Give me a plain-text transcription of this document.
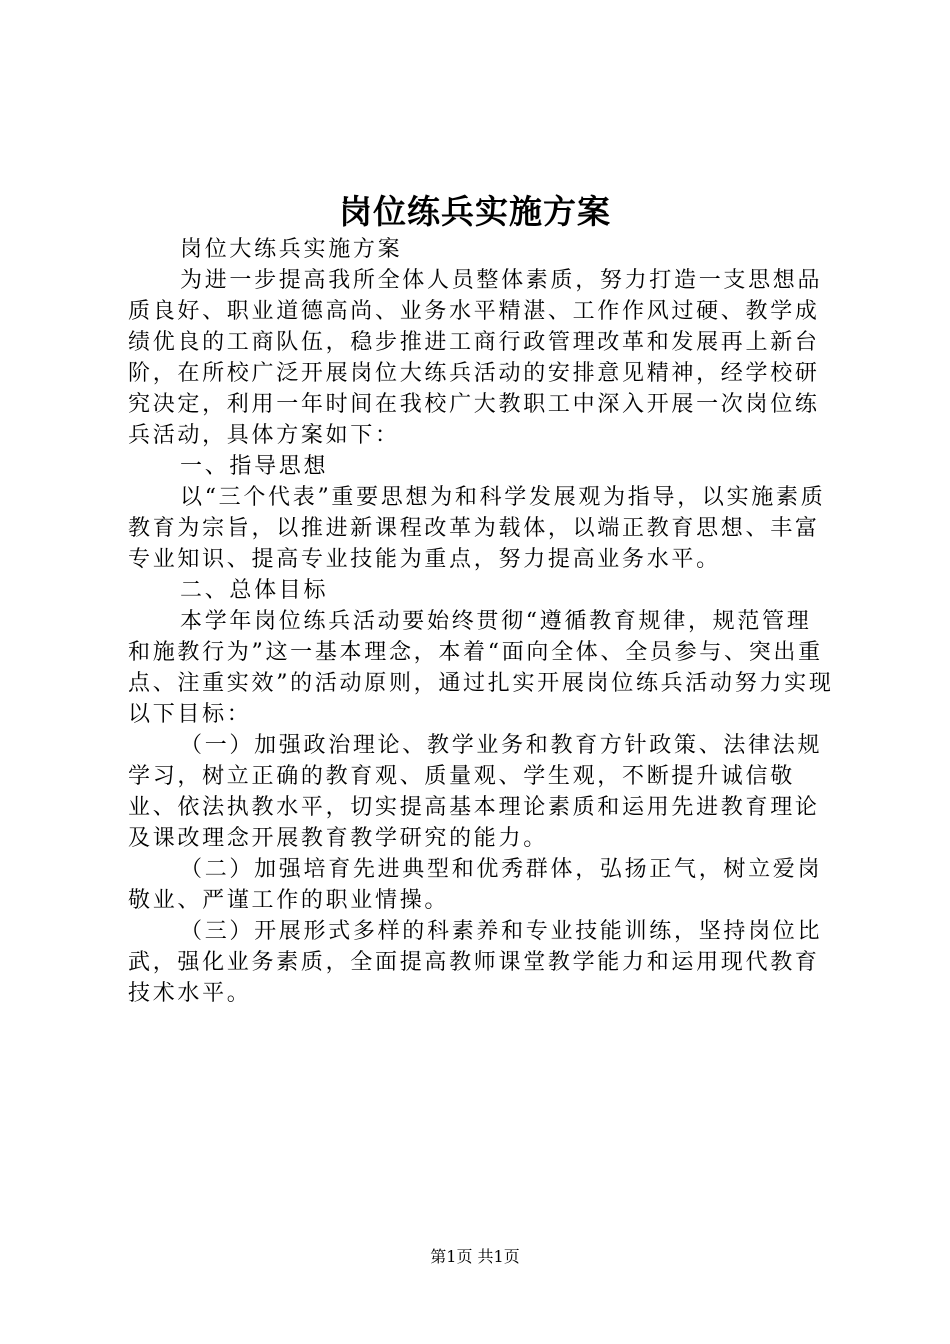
岗位练兵实施方案

岗位大练兵实施方案

为进一步提高我所全体人员整体素质，努力打造一支思想品质良好、职业道德高尚、业务水平精湛、工作作风过硬、教学成绩优良的工商队伍，稳步推进工商行政管理改革和发展再上新台阶，在所校广泛开展岗位大练兵活动的安排意见精神，经学校研究决定，利用一年时间在我校广大教职工中深入开展一次岗位练兵活动，具体方案如下：

一、指导思想

以“三个代表”重要思想为和科学发展观为指导，以实施素质教育为宗旨，以推进新课程改革为载体，以端正教育思想、丰富专业知识、提高专业技能为重点，努力提高业务水平。

二、总体目标

本学年岗位练兵活动要始终贯彻“遵循教育规律，规范管理和施教行为”这一基本理念，本着“面向全体、全员参与、突出重点、注重实效”的活动原则，通过扎实开展岗位练兵活动努力实现以下目标：

（一）加强政治理论、教学业务和教育方针政策、法律法规学习，树立正确的教育观、质量观、学生观，不断提升诚信敬业、依法执教水平，切实提高基本理论素质和运用先进教育理论及课改理念开展教育教学研究的能力。

（二）加强培育先进典型和优秀群体，弘扬正气，树立爱岗敬业、严谨工作的职业情操。

（三）开展形式多样的科素养和专业技能训练，坚持岗位比武，强化业务素质，全面提高教师课堂教学能力和运用现代教育技术水平。

第1页 共1页
